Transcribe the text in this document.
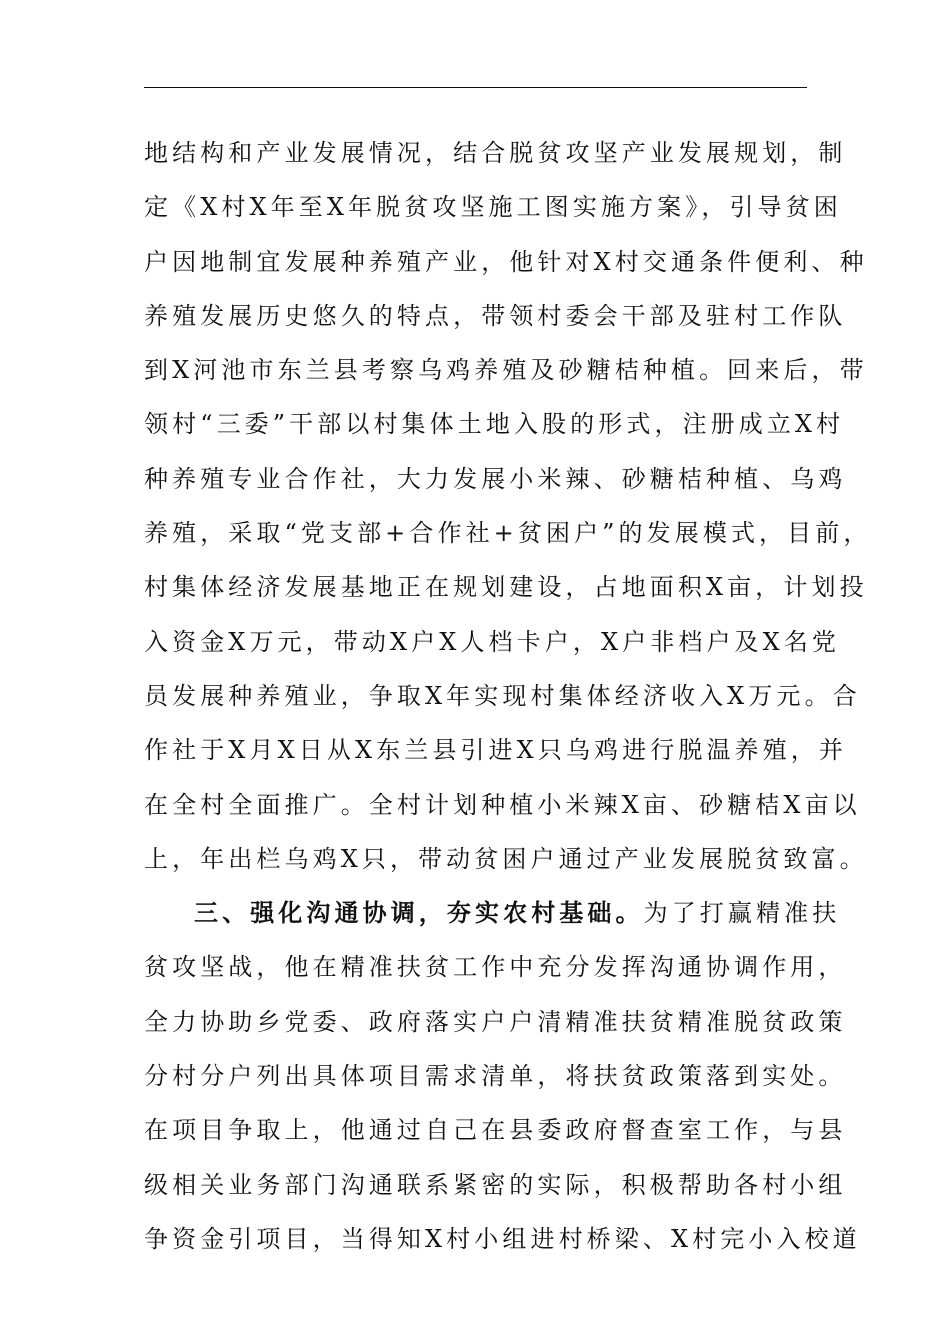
地结构和产业发展情况，结合脱贫攻坚产业发展规划，制
定《X村X年至X年脱贫攻坚施工图实施方案》，引导贫困
户因地制宜发展种养殖产业，他针对X村交通条件便利、种
养殖发展历史悠久的特点，带领村委会干部及驻村工作队
到X河池市东兰县考察乌鸡养殖及砂糖桔种植。回来后，带
领村“三委”干部以村集体土地入股的形式，注册成立X村
种养殖专业合作社，大力发展小米辣、砂糖桔种植、乌鸡
养殖，采取“党支部+合作社+贫困户”的发展模式，目前，
村集体经济发展基地正在规划建设，占地面积X亩，计划投
入资金X万元，带动X户X人档卡户，X户非档户及X名党
员发展种养殖业，争取X年实现村集体经济收入X万元。合
作社于X月X日从X东兰县引进X只乌鸡进行脱温养殖，并
在全村全面推广。全村计划种植小米辣X亩、砂糖桔X亩以
上，年出栏乌鸡X只，带动贫困户通过产业发展脱贫致富。
三、强化沟通协调，夯实农村基础。为了打赢精准扶
贫攻坚战，他在精准扶贫工作中充分发挥沟通协调作用，
全力协助乡党委、政府落实户户清精准扶贫精准脱贫政策
分村分户列出具体项目需求清单，将扶贫政策落到实处。
在项目争取上，他通过自己在县委政府督查室工作，与县
级相关业务部门沟通联系紧密的实际，积极帮助各村小组
争资金引项目，当得知X村小组进村桥梁、X村完小入校道
